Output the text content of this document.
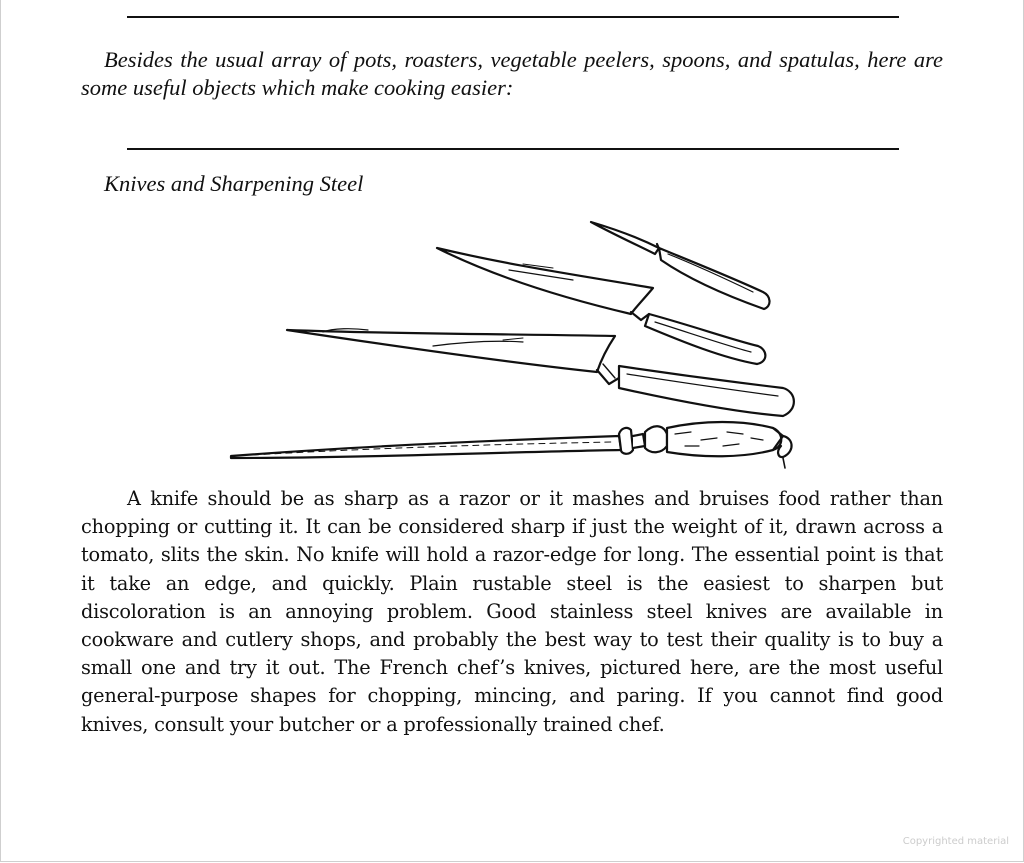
Besides the usual array of pots, roasters, vegetable peelers, spoons, and spatulas, here are some useful objects which make cooking easier:

Knives and Sharpening Steel

A knife should be as sharp as a razor or it mashes and bruises food rather than chopping or cutting it. It can be considered sharp if just the weight of it, drawn across a tomato, slits the skin. No knife will hold a razor-edge for long. The essential point is that it take an edge, and quickly. Plain rustable steel is the easiest to sharpen but discoloration is an annoying problem. Good stainless steel knives are available in cookware and cutlery shops, and probably the best way to test their quality is to buy a small one and try it out. The French chef’s knives, pictured here, are the most useful general-purpose shapes for chopping, mincing, and paring. If you cannot find good knives, consult your butcher or a professionally trained chef.

Copyrighted material
